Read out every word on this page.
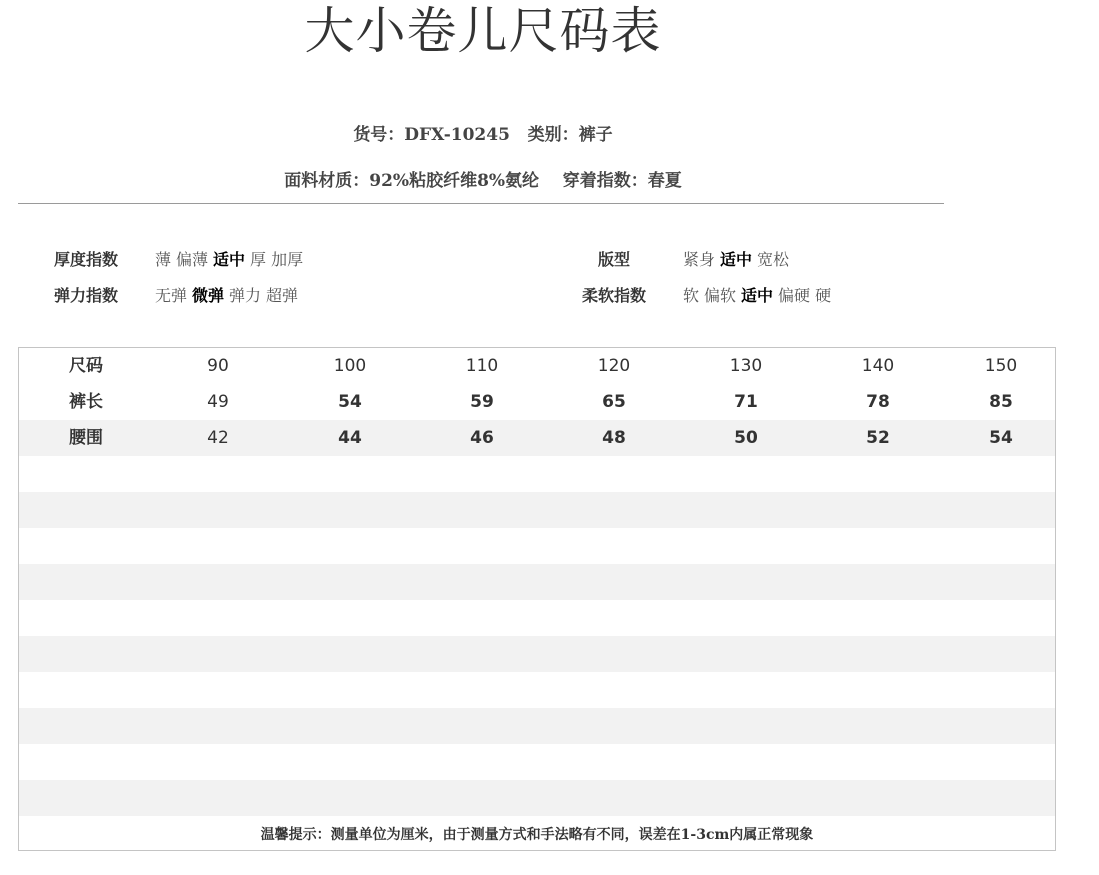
大小卷儿尺码表
货号：DFX-10245   类别：裤子
面料材质：92%粘胶纤维8%氨纶    穿着指数：春夏
厚度指数	薄 偏薄 适中 厚 加厚
弹力指数	无弹 微弹 弹力 超弹
版型	紧身 适中 宽松
柔软指数	软 偏软 适中 偏硬 硬
尺码	90	100	110	120	130	140	150
裤长	49	54	59	65	71	78	85
腰围	42	44	46	48	50	52	54
温馨提示：测量单位为厘米，由于测量方式和手法略有不同，误差在1-3cm内属正常现象
